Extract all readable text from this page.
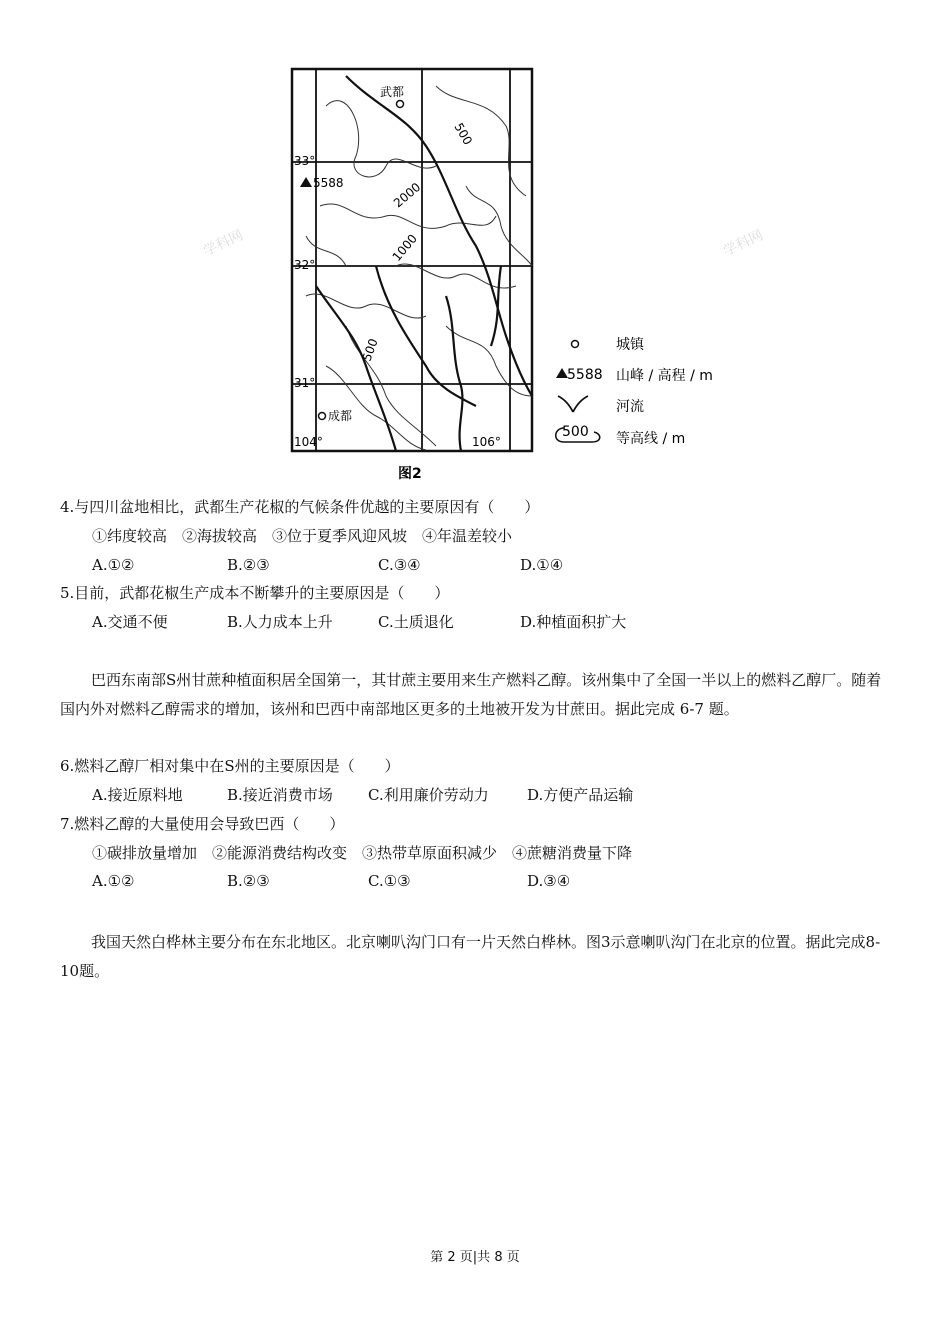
武都
成都
5588
500
2000
1000
500
33°
32°
31°
104°	106°
学科网	学科网
图2
城镇
5588 山峰 / 高程 / m
河流
500 等高线 / m
4.与四川盆地相比，武都生产花椒的气候条件优越的主要原因有（　　）
①纬度较高　②海拔较高　③位于夏季风迎风坡　④年温差较小
A.①②	B.②③	C.③④	D.①④
5.目前，武都花椒生产成本不断攀升的主要原因是（　　）
A.交通不便	B.人力成本上升	C.土质退化	D.种植面积扩大
巴西东南部S州甘蔗种植面积居全国第一，其甘蔗主要用来生产燃料乙醇。该州集中了全国一半以上的燃料乙醇厂。随着国内外对燃料乙醇需求的增加，该州和巴西中南部地区更多的土地被开发为甘蔗田。据此完成 6-7 题。
6.燃料乙醇厂相对集中在S州的主要原因是（　　）
A.接近原料地	B.接近消费市场 C.利用廉价劳动力	D.方便产品运输
7.燃料乙醇的大量使用会导致巴西（　　）
①碳排放量增加　②能源消费结构改变　③热带草原面积减少　④蔗糖消费量下降
A.①②	B.②③	C.①③	D.③④
我国天然白桦林主要分布在东北地区。北京喇叭沟门口有一片天然白桦林。图3示意喇叭沟门在北京的位置。据此完成8-10题。
第 2 页|共 8 页
